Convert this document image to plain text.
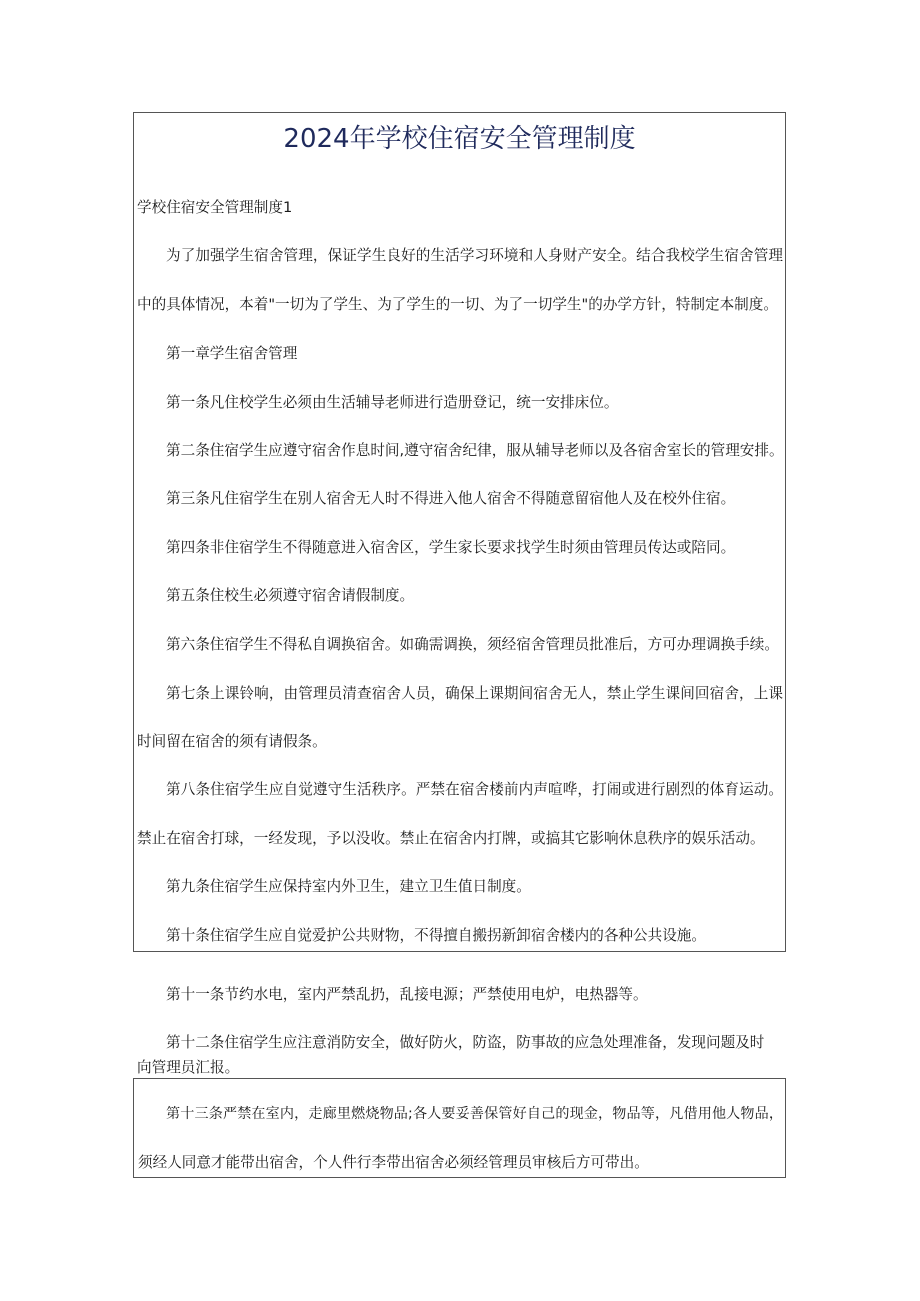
2024年学校住宿安全管理制度
学校住宿安全管理制度1
为了加强学生宿舍管理，保证学生良好的生活学习环境和人身财产安全。结合我校学生宿舍管理
中的具体情况，本着"一切为了学生、为了学生的一切、为了一切学生"的办学方针，特制定本制度。
第一章学生宿舍管理
第一条凡住校学生必须由生活辅导老师进行造册登记，统一安排床位。
第二条住宿学生应遵守宿舍作息时间,遵守宿舍纪律，服从辅导老师以及各宿舍室长的管理安排。
第三条凡住宿学生在别人宿舍无人时不得进入他人宿舍不得随意留宿他人及在校外住宿。
第四条非住宿学生不得随意进入宿舍区，学生家长要求找学生时须由管理员传达或陪同。
第五条住校生必须遵守宿舍请假制度。
第六条住宿学生不得私自调换宿舍。如确需调换，须经宿舍管理员批准后，方可办理调换手续。
第七条上课铃响，由管理员清查宿舍人员，确保上课期间宿舍无人，禁止学生课间回宿舍，上课
时间留在宿舍的须有请假条。
第八条住宿学生应自觉遵守生活秩序。严禁在宿舍楼前内声喧哗，打闹或进行剧烈的体育运动。
禁止在宿舍打球，一经发现，予以没收。禁止在宿舍内打牌，或搞其它影响休息秩序的娱乐活动。
第九条住宿学生应保持室内外卫生，建立卫生值日制度。
第十条住宿学生应自觉爱护公共财物，不得擅自搬拐新卸宿舍楼内的各种公共设施。
第十一条节约水电，室内严禁乱扔，乱接电源；严禁使用电炉，电热器等。
第十二条住宿学生应注意消防安全，做好防火，防盗，防事故的应急处理准备，发现问题及时
向管理员汇报。
第十三条严禁在室内，走廊里燃烧物品;各人要妥善保管好自己的现金，物品等，凡借用他人物品，
须经人同意才能带出宿舍，个人件行李带出宿舍必须经管理员审核后方可带出。
